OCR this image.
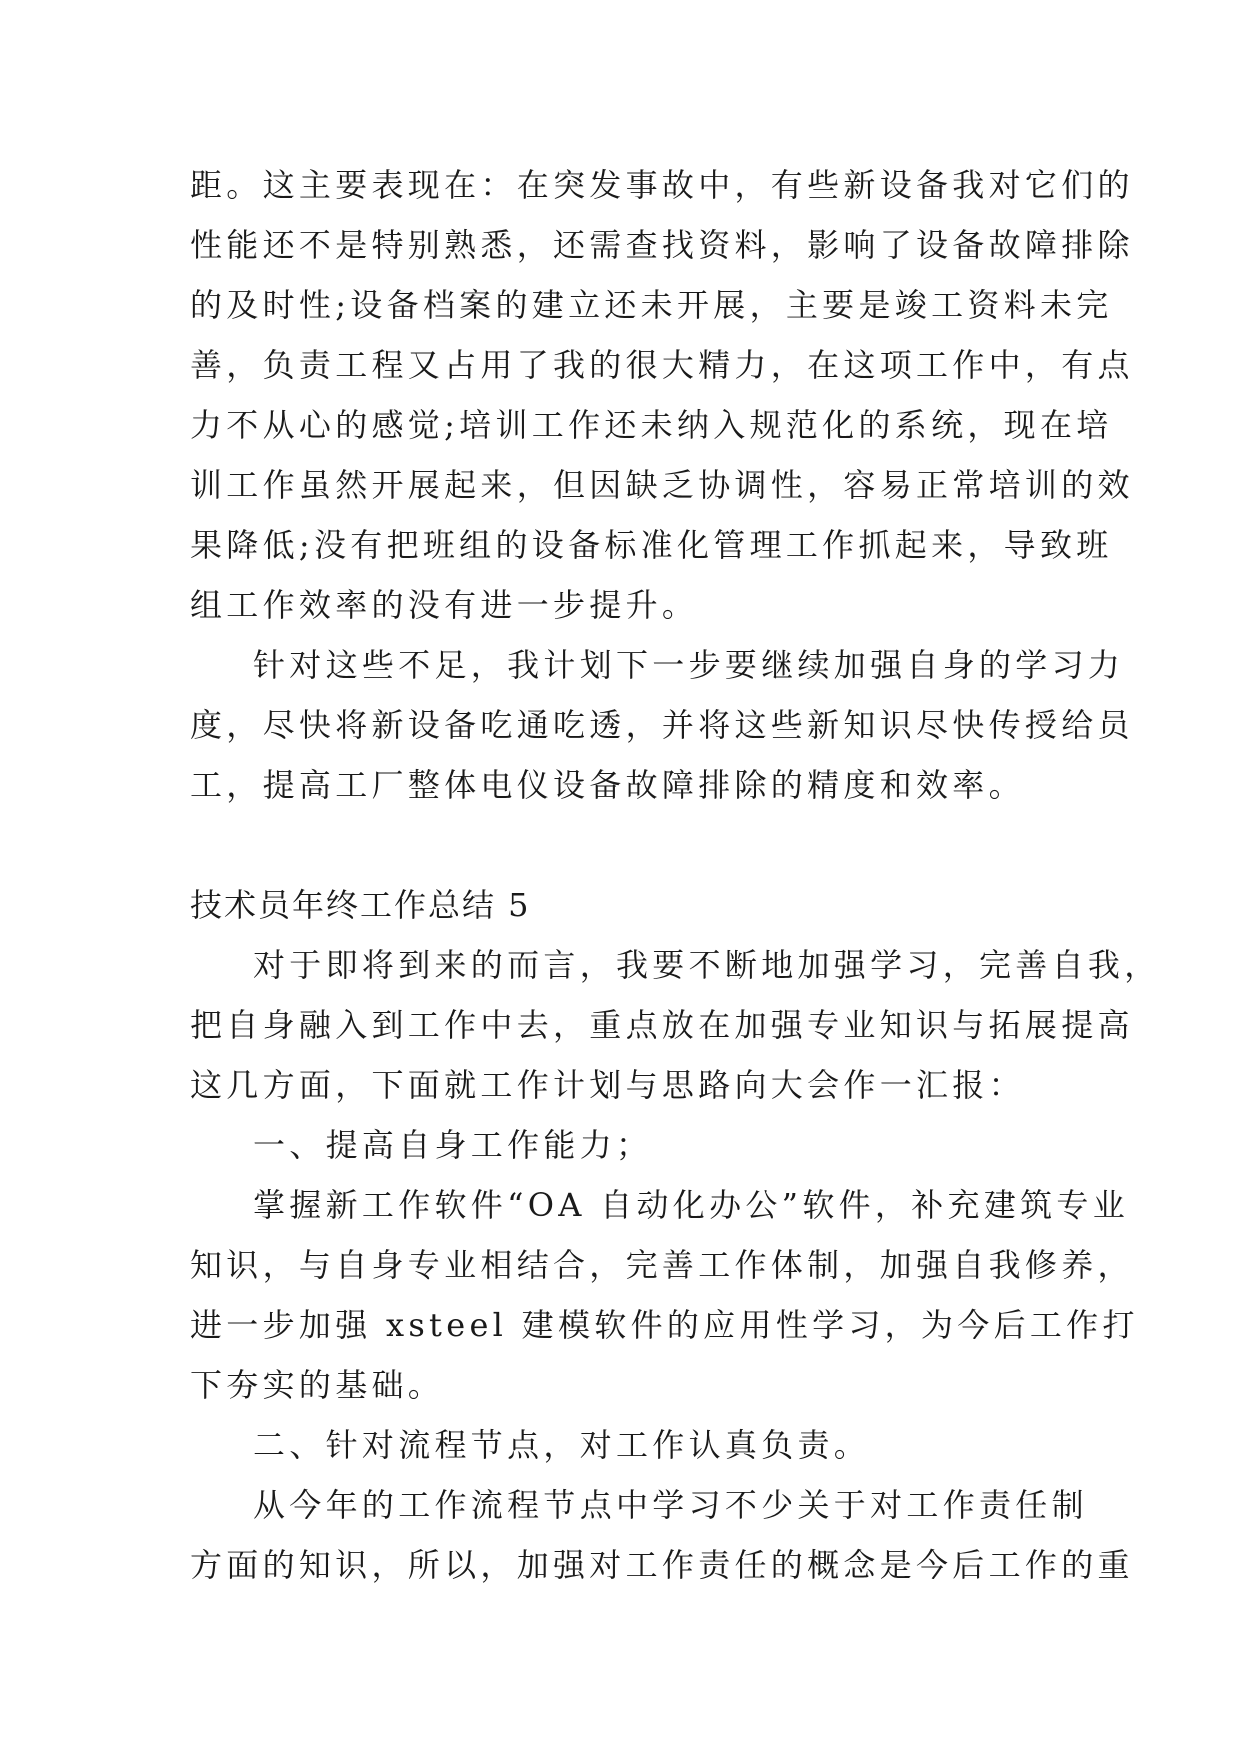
距。这主要表现在：在突发事故中，有些新设备我对它们的
性能还不是特别熟悉，还需查找资料，影响了设备故障排除
的及时性;设备档案的建立还未开展，主要是竣工资料未完
善，负责工程又占用了我的很大精力，在这项工作中，有点
力不从心的感觉;培训工作还未纳入规范化的系统，现在培
训工作虽然开展起来，但因缺乏协调性，容易正常培训的效
果降低;没有把班组的设备标准化管理工作抓起来，导致班
组工作效率的没有进一步提升。
针对这些不足，我计划下一步要继续加强自身的学习力
度，尽快将新设备吃通吃透，并将这些新知识尽快传授给员
工，提高工厂整体电仪设备故障排除的精度和效率。
技术员年终工作总结 5
对于即将到来的而言，我要不断地加强学习，完善自我，
把自身融入到工作中去，重点放在加强专业知识与拓展提高
这几方面，下面就工作计划与思路向大会作一汇报：
一、提高自身工作能力；
掌握新工作软件“OA 自动化办公”软件，补充建筑专业
知识，与自身专业相结合，完善工作体制，加强自我修养，
进一步加强 xsteel 建模软件的应用性学习，为今后工作打
下夯实的基础。
二、针对流程节点，对工作认真负责。
从今年的工作流程节点中学习不少关于对工作责任制
方面的知识，所以，加强对工作责任的概念是今后工作的重
